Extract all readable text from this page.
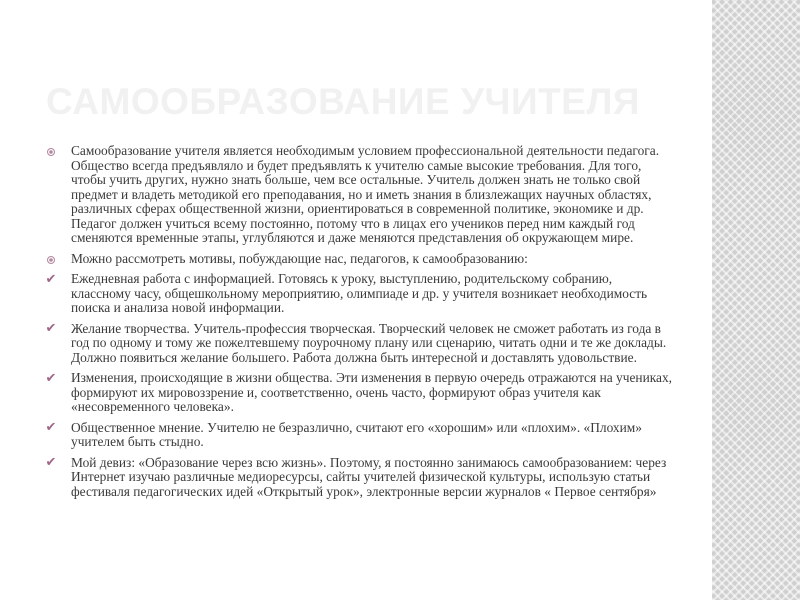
САМООБРАЗОВАНИЕ УЧИТЕЛЯ
Самообразование учителя является необходимым условием профессиональной деятельности педагога. Общество всегда предъявляло и будет предъявлять к учителю самые высокие требования. Для того, чтобы учить других, нужно знать больше, чем все остальные. Учитель должен знать не только свой предмет и владеть методикой его преподавания, но и иметь знания в близлежащих научных областях, различных сферах общественной жизни, ориентироваться в современной политике, экономике и др. Педагог должен учиться всему постоянно, потому что в лицах его учеников перед ним каждый год сменяются временные этапы, углубляются и даже меняются представления об окружающем мире.
Можно рассмотреть мотивы, побуждающие нас, педагогов, к самообразованию:
✔ Ежедневная работа с информацией. Готовясь к уроку, выступлению, родительскому собранию, классному часу, общешкольному мероприятию, олимпиаде и др. у учителя возникает необходимость поиска и анализа новой информации.
✔ Желание творчества. Учитель-профессия творческая. Творческий человек не сможет работать из года в год по одному и тому же пожелтевшему поурочному плану или сценарию, читать одни и те же доклады. Должно появиться желание большего. Работа должна быть интересной и доставлять удовольствие.
✔ Изменения, происходящие в жизни общества. Эти изменения в первую очередь отражаются на учениках, формируют их мировоззрение и, соответственно, очень часто, формируют образ учителя как «несовременного человека».
✔ Общественное мнение. Учителю не безразлично, считают его «хорошим» или «плохим». «Плохим» учителем быть стыдно.
✔ Мой девиз: «Образование через всю жизнь». Поэтому, я постоянно занимаюсь самообразованием: через Интернет изучаю различные медиоресурсы, сайты учителей физической культуры, использую статьи фестиваля педагогических идей «Открытый урок», электронные версии журналов « Первое сентября»
